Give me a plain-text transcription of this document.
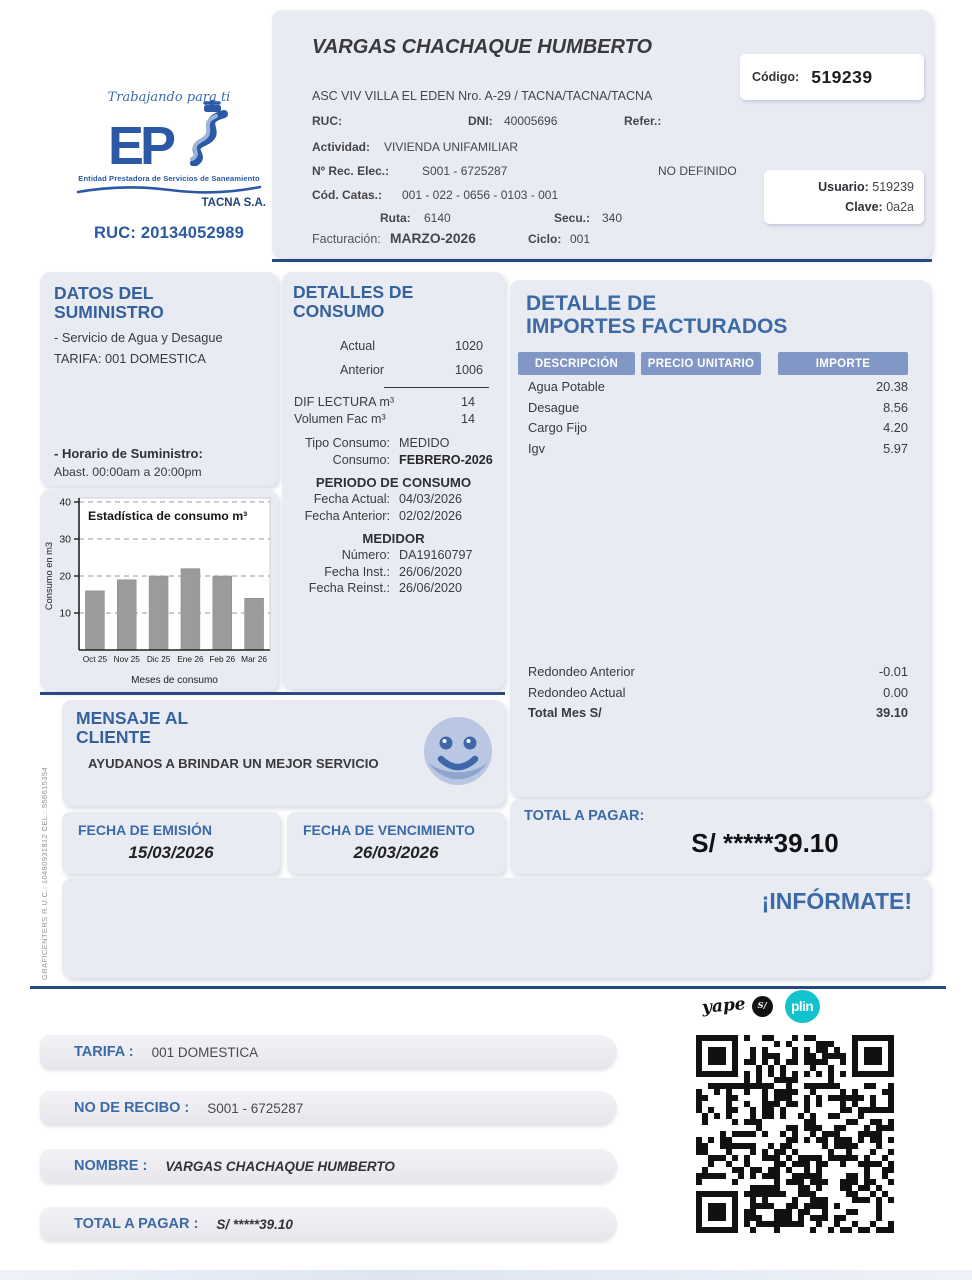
Trabajando para ti
EP
Entidad Prestadora de Servicios de Saneamiento
TACNA S.A.
RUC: 20134052989
VARGAS CHACHAQUE HUMBERTO
Código: 519239
ASC VIV VILLA EL EDEN Nro. A-29 / TACNA/TACNA/TACNA
RUC:	DNI: 40005696	Refer.:
Actividad: VIVIENDA UNIFAMILIAR
Nº Rec. Elec.:	S001 - 6725287	NO DEFINIDO
Cód. Catas.: 001 - 022 - 0656 - 0103 - 001
Ruta: 6140	Secu.: 340
Usuario: 519239
Clave: 0a2a
Facturación: MARZO-2026	Ciclo: 001
DATOS DEL
SUMINISTRO
- Servicio de Agua y Desague
TARIFA: 001 DOMESTICA
- Horario de Suministro:
Abast. 00:00am a 20:00pm
10
20
30
40
Oct 25 Nov 25 Dic 25 Ene 26 Feb 26 Mar 26
Estadística de consumo m³
Consumo en m3
Meses de consumo
DETALLES DE
CONSUMO
Actual	1020
Anterior	1006
DIF LECTURA m³	14
Volumen Fac m³	14
Tipo Consumo: MEDIDO
Consumo: FEBRERO-2026
PERIODO DE CONSUMO
Fecha Actual: 04/03/2026
Fecha Anterior: 02/02/2026
MEDIDOR
Número: DA19160797
Fecha Inst.: 26/06/2020
Fecha Reinst.: 26/06/2020
DETALLE DE
IMPORTES FACTURADOS
DESCRIPCIÓN	PRECIO UNITARIO	IMPORTE
Agua Potable	20.38
Desague	8.56
Cargo Fijo	4.20
Igv	5.97
Redondeo Anterior	-0.01
Redondeo Actual	0.00
Total Mes S/	39.10
MENSAJE AL
CLIENTE
AYUDANOS A BRINDAR UN MEJOR SERVICIO
FECHA DE EMISIÓN
15/03/2026
FECHA DE VENCIMIENTO
26/03/2026
TOTAL A PAGAR:
S/ *****39.10
¡INFÓRMATE!
TARIFA : 001 DOMESTICA
NO DE RECIBO : S001 - 6725287
NOMBRE : VARGAS CHACHAQUE HUMBERTO
TOTAL A PAGAR : S/ *****39.10
yape	S/	plin
GRAFICENTERS R.U.C.: 10480931812 CEL.: 956615354
